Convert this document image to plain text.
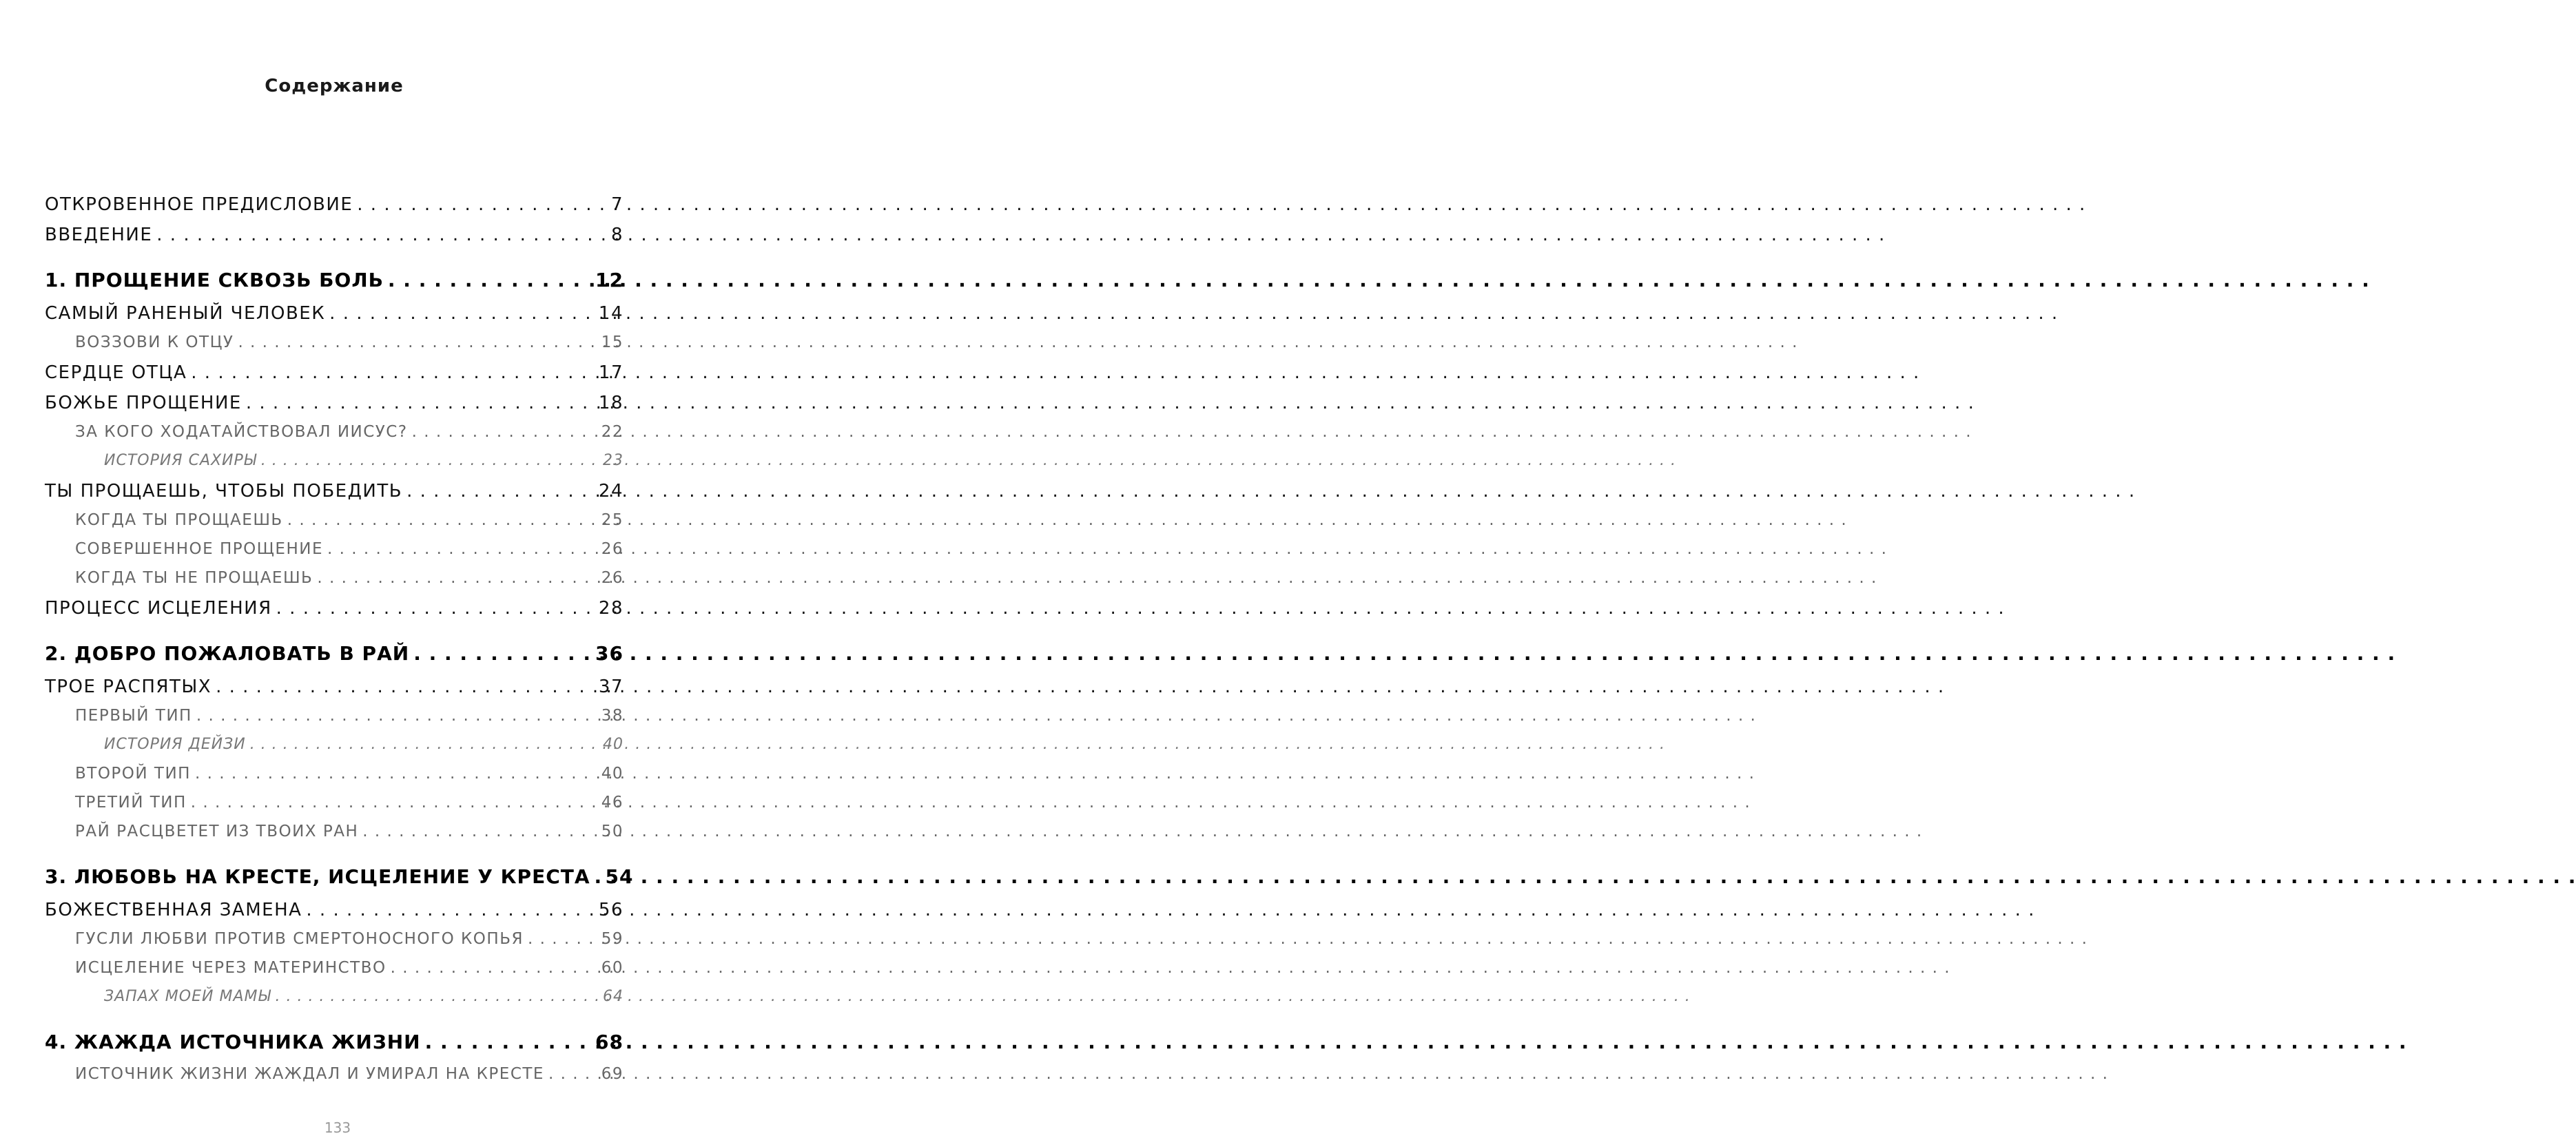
Содержание
ОТКРОВЕННОЕ ПРЕДИСЛОВИЕ . . .	7
ВВЕДЕНИЕ . . .	8
1. ПРОЩЕНИЕ СКВОЗЬ БОЛЬ . . .	12
САМЫЙ РАНЕНЫЙ ЧЕЛОВЕК . . .	14
ВОЗЗОВИ К ОТЦУ . . .	15
СЕРДЦЕ ОТЦА . . .	17
БОЖЬЕ ПРОЩЕНИЕ . . .	18
ЗА КОГО ХОДАТАЙСТВОВАЛ ИИСУС? . . .	22
ИСТОРИЯ САХИРЫ . . .	23
ТЫ ПРОЩАЕШЬ, ЧТОБЫ ПОБЕДИТЬ . . .	24
КОГДА ТЫ ПРОЩАЕШЬ . . .	25
СОВЕРШЕННОЕ ПРОЩЕНИЕ . . .	26
КОГДА ТЫ НЕ ПРОЩАЕШЬ . . .	26
ПРОЦЕСС ИСЦЕЛЕНИЯ . . .	28
2. ДОБРО ПОЖАЛОВАТЬ В РАЙ . . .	36
ТРОЕ РАСПЯТЫХ . . .	37
ПЕРВЫЙ ТИП . . .	38
ИСТОРИЯ ДЕЙЗИ . . .	40
ВТОРОЙ ТИП . . .	40
ТРЕТИЙ ТИП . . .	46
РАЙ РАСЦВЕТЕТ ИЗ ТВОИХ РАН . . .	50
3. ЛЮБОВЬ НА КРЕСТЕ, ИСЦЕЛЕНИЕ У КРЕСТА . . . 54
БОЖЕСТВЕННАЯ ЗАМЕНА . . .	56
ГУСЛИ ЛЮБВИ ПРОТИВ СМЕРТОНОСНОГО КОПЬЯ . . .	59
ИСЦЕЛЕНИЕ ЧЕРЕЗ МАТЕРИНСТВО . . .	60
ЗАПАХ МОЕЙ МАМЫ . . .	64
4. ЖАЖДА ИСТОЧНИКА ЖИЗНИ . . .	68
ИСТОЧНИК ЖИЗНИ ЖАЖДАЛ И УМИРАЛ НА КРЕСТЕ . . .	69
133
